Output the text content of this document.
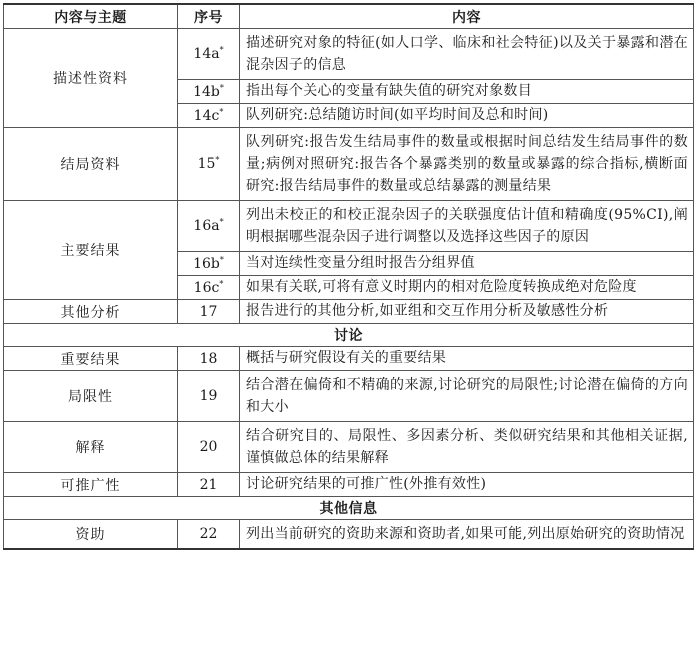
内容与主题	序号	内容
描述性资料	14a*	描述研究对象的特征(如人口学、临床和社会特征)以及关于暴露和潜在混杂因子的信息
	14b*	指出每个关心的变量有缺失值的研究对象数目
	14c*	队列研究:总结随访时间(如平均时间及总和时间)
结局资料	15*	队列研究:报告发生结局事件的数量或根据时间总结发生结局事件的数量;病例对照研究:报告各个暴露类别的数量或暴露的综合指标,横断面研究:报告结局事件的数量或总结暴露的测量结果
主要结果	16a*	列出未校正的和校正混杂因子的关联强度估计值和精确度(95%CI),阐明根据哪些混杂因子进行调整以及选择这些因子的原因
	16b*	当对连续性变量分组时报告分组界值
	16c*	如果有关联,可将有意义时期内的相对危险度转换成绝对危险度
其他分析	17	报告进行的其他分析,如亚组和交互作用分析及敏感性分析
讨论		
重要结果	18	概括与研究假设有关的重要结果
局限性	19	结合潜在偏倚和不精确的来源,讨论研究的局限性;讨论潜在偏倚的方向和大小
解释	20	结合研究目的、局限性、多因素分析、类似研究结果和其他相关证据,谨慎做总体的结果解释
可推广性	21	讨论研究结果的可推广性(外推有效性)
其他信息		
资助	22	列出当前研究的资助来源和资助者,如果可能,列出原始研究的资助情况
